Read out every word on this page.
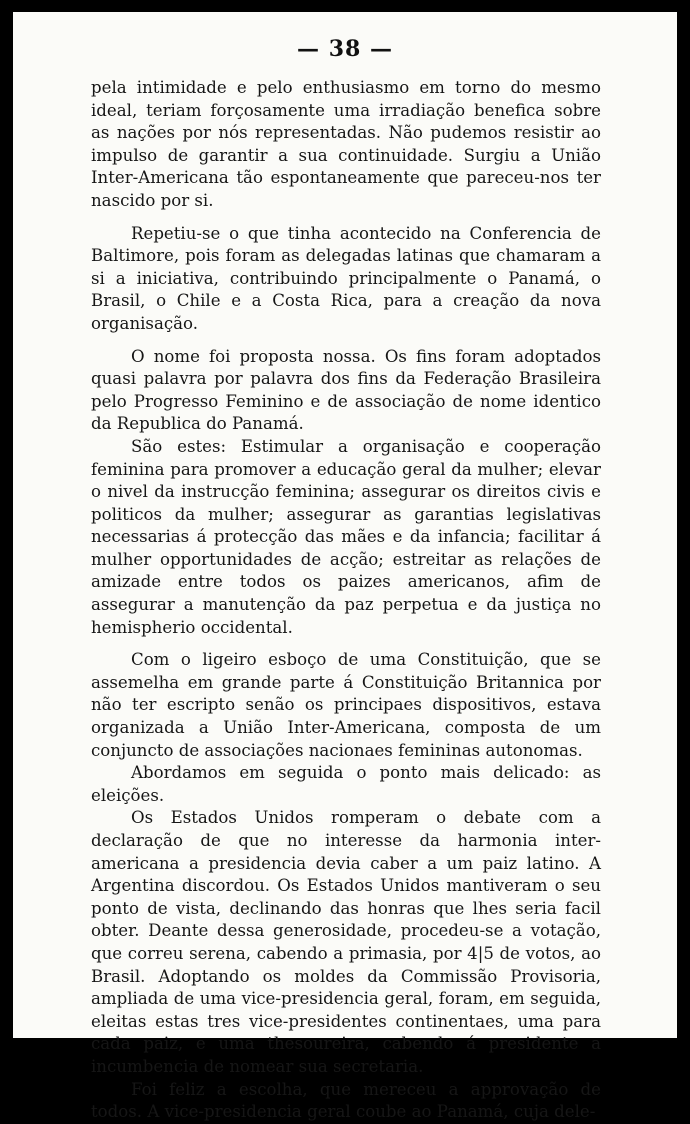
— 38 —

pela intimidade e pelo enthusiasmo em torno do mesmo ideal, teriam forçosamente uma irradiação benefica sobre as nações por nós representadas. Não pudemos resistir ao impulso de garantir a sua continuidade. Surgiu a União Inter-Americana tão espontaneamente que pareceu-nos ter nascido por si.

Repetiu-se o que tinha acontecido na Conferencia de Baltimore, pois foram as delegadas latinas que chamaram a si a iniciativa, contribuindo principalmente o Panamá, o Brasil, o Chile e a Costa Rica, para a creação da nova organisação.

O nome foi proposta nossa. Os fins foram adoptados quasi palavra por palavra dos fins da Federação Brasileira pelo Progresso Feminino e de associação de nome identico da Republica do Panamá.

São estes: Estimular a organisação e cooperação feminina para promover a educação geral da mulher; elevar o nivel da instrucção feminina; assegurar os direitos civis e politicos da mulher; assegurar as garantias legislativas necessarias á protecção das mães e da infancia; facilitar á mulher opportunidades de acção; estreitar as relações de amizade entre todos os paizes americanos, afim de assegurar a manutenção da paz perpetua e da justiça no hemispherio occidental.

Com o ligeiro esboço de uma Constituição, que se assemelha em grande parte á Constituição Britannica por não ter escripto senão os principaes dispositivos, estava organizada a União Inter-Americana, composta de um conjuncto de associações nacionaes femininas autonomas.

Abordamos em seguida o ponto mais delicado: as eleições.

Os Estados Unidos romperam o debate com a declaração de que no interesse da harmonia inter-americana a presidencia devia caber a um paiz latino. A Argentina discordou. Os Estados Unidos mantiveram o seu ponto de vista, declinando das honras que lhes seria facil obter. Deante dessa generosidade, procedeu-se a votação, que correu serena, cabendo a primasia, por 4|5 de votos, ao Brasil. Adoptando os moldes da Commissão Provisoria, ampliada de uma vice-presidencia geral, foram, em seguida, eleitas estas tres vice-presidentes continentaes, uma para cada paiz, e uma thesoureira, cabendo á presidente a incumbencia de nomear sua secretaria.

Foi feliz a escolha, que mereceu a approvação de todos. A vice-presidencia geral coube ao Panamá, cuja dele-
